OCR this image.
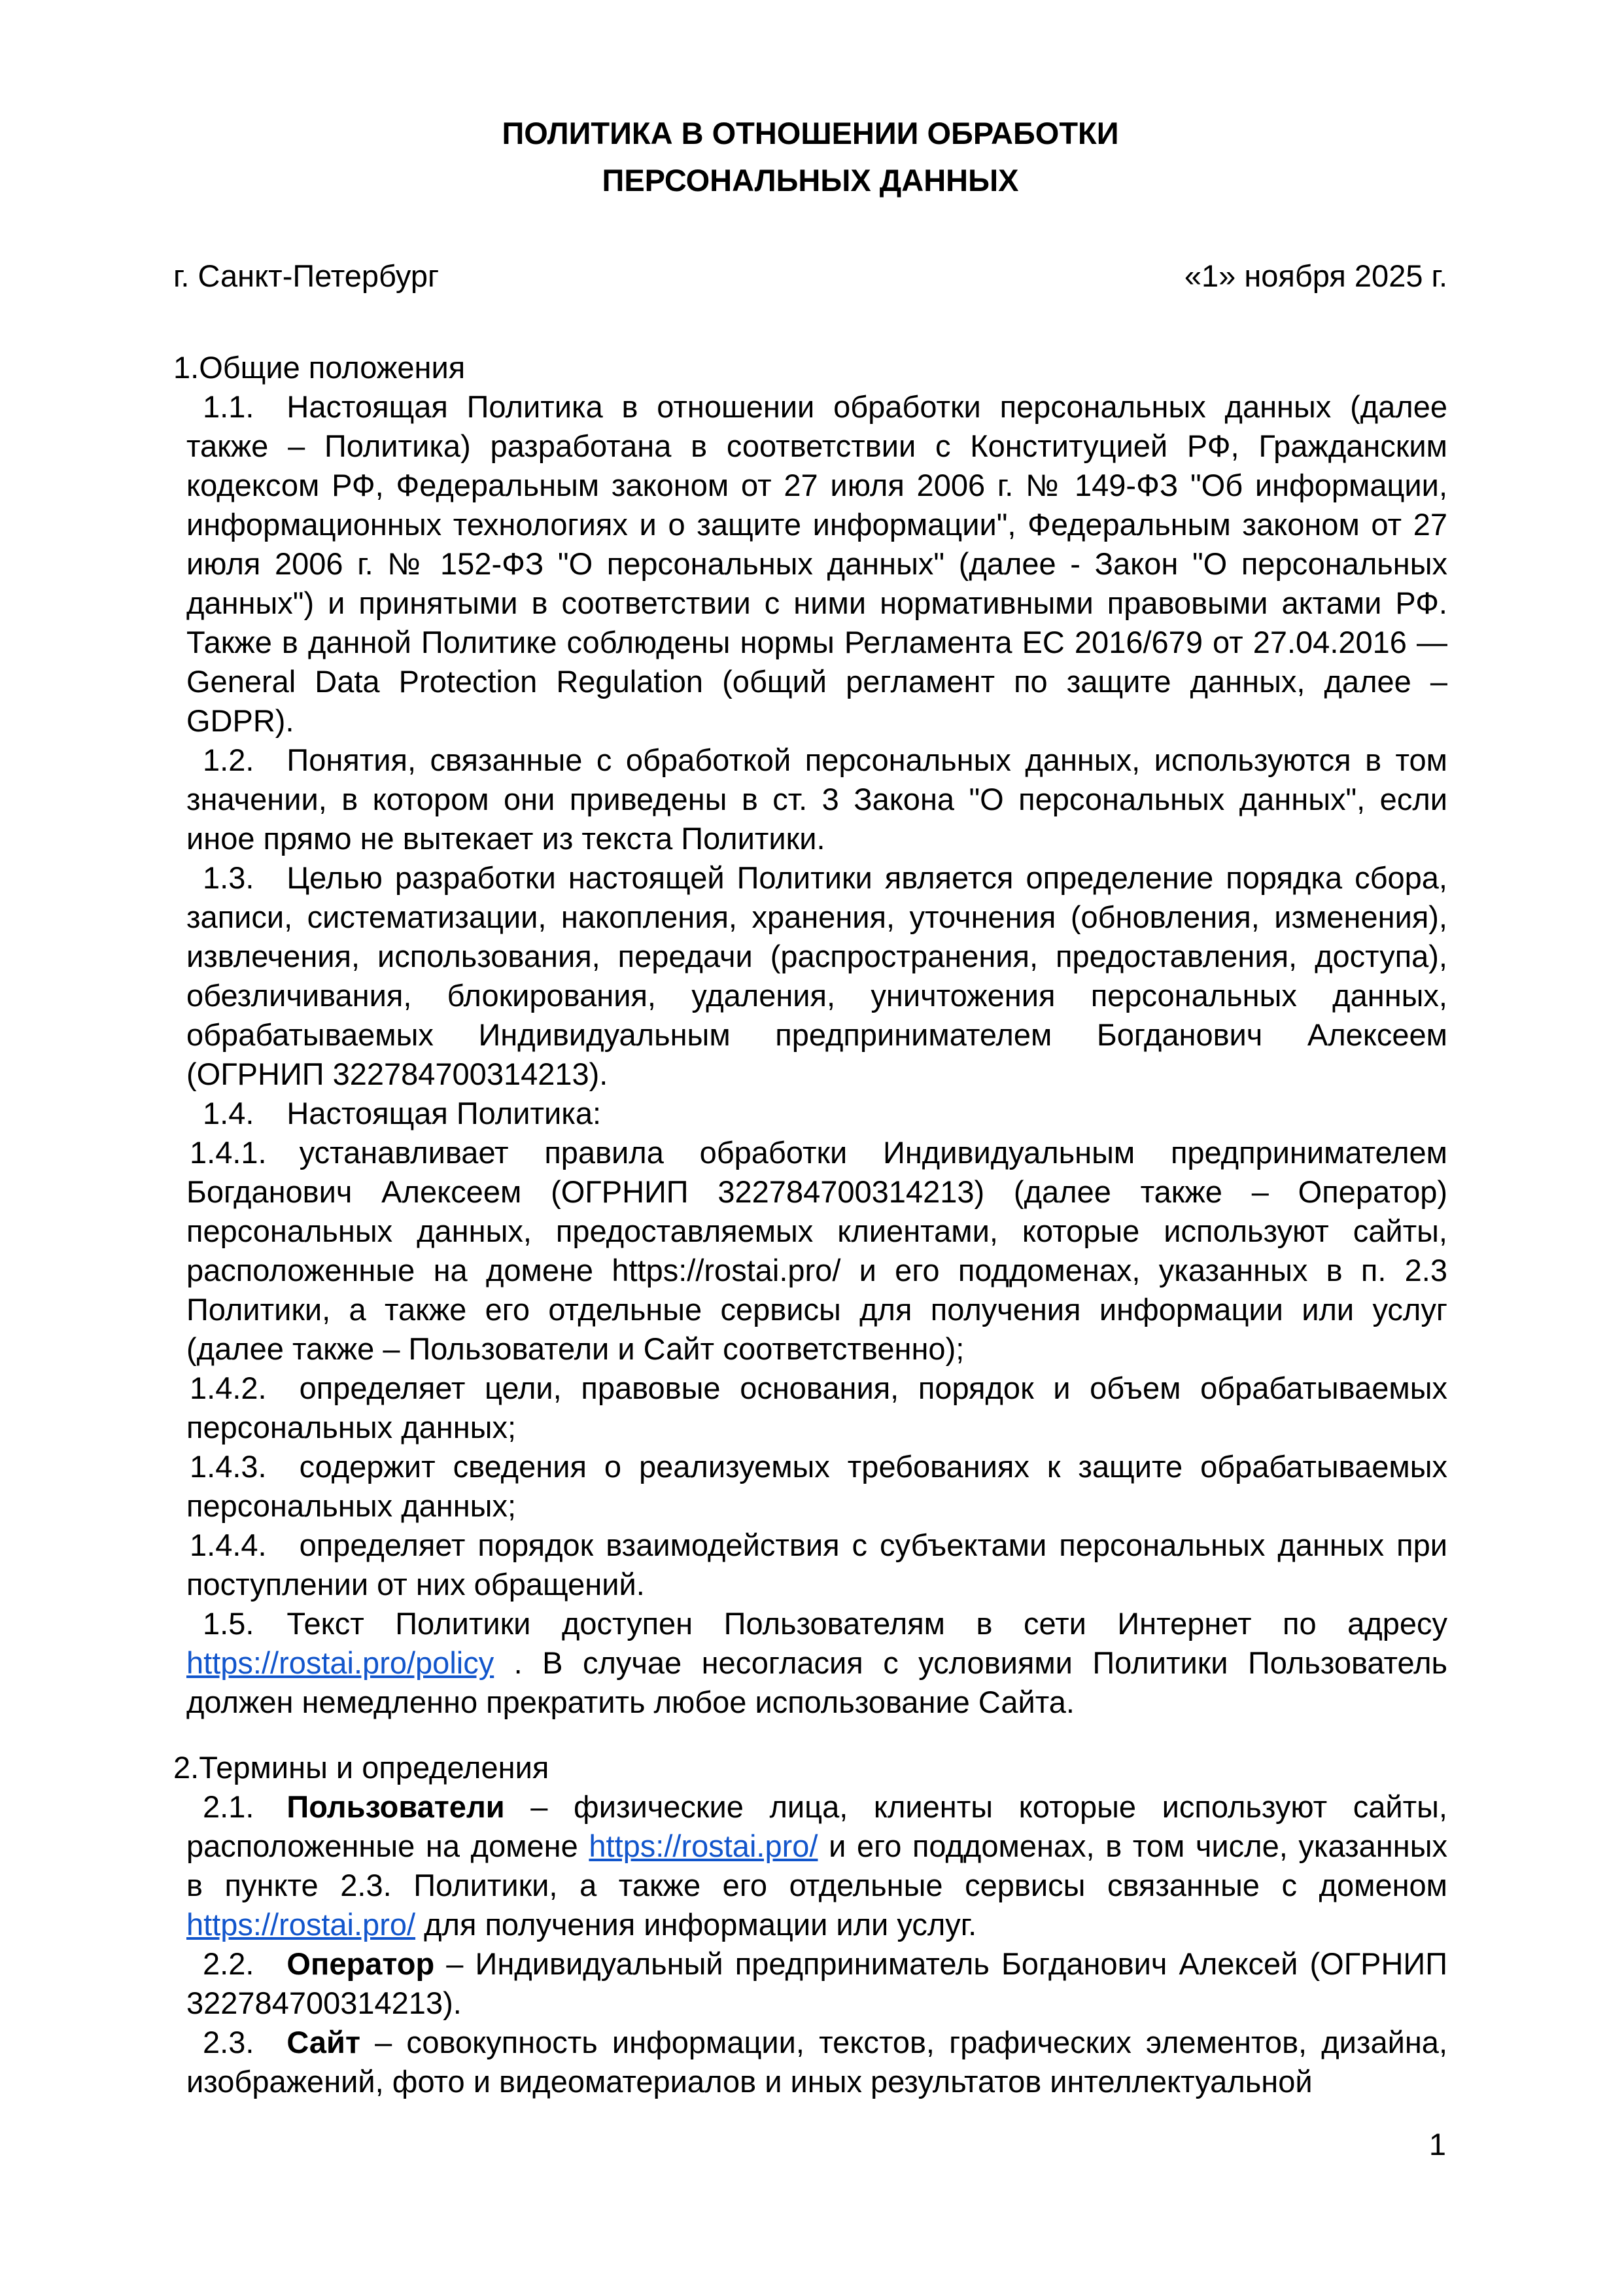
ПОЛИТИКА В ОТНОШЕНИИ ОБРАБОТКИ
ПЕРСОНАЛЬНЫХ ДАННЫХ
г. Санкт-Петербург	«1» ноября 2025 г.
1.Общие положения

1.1. Настоящая Политика в отношении обработки персональных данных (далее также – Политика) разработана в соответствии с Конституцией РФ, Гражданским кодексом РФ, Федеральным законом от 27 июля 2006 г. № 149-ФЗ "Об информации, информационных технологиях и о защите информации", Федеральным законом от 27 июля 2006 г. № 152-ФЗ "О персональных данных" (далее - Закон "О персональных данных") и принятыми в соответствии с ними нормативными правовыми актами РФ. Также в данной Политике соблюдены нормы Регламента ЕС 2016/679 от 27.04.2016 — General Data Protection Regulation (общий регламент по защите данных, далее – GDPR).

1.2. Понятия, связанные с обработкой персональных данных, используются в том значении, в котором они приведены в ст. 3 Закона "О персональных данных", если иное прямо не вытекает из текста Политики.

1.3. Целью разработки настоящей Политики является определение порядка сбора, записи, систематизации, накопления, хранения, уточнения (обновления, изменения), извлечения, использования, передачи (распространения, предоставления, доступа), обезличивания, блокирования, удаления, уничтожения персональных данных, обрабатываемых Индивидуальным предпринимателем Богданович Алексеем (ОГРНИП 322784700314213).

1.4. Настоящая Политика:

1.4.1. устанавливает правила обработки Индивидуальным предпринимателем Богданович Алексеем (ОГРНИП 322784700314213) (далее также – Оператор) персональных данных, предоставляемых клиентами, которые используют сайты, расположенные на домене https://rostai.pro/ и его поддоменах, указанных в п. 2.3 Политики, а также его отдельные сервисы для получения информации или услуг (далее также – Пользователи и Сайт соответственно);

1.4.2. определяет цели, правовые основания, порядок и объем обрабатываемых персональных данных;

1.4.3. содержит сведения о реализуемых требованиях к защите обрабатываемых персональных данных;

1.4.4. определяет порядок взаимодействия с субъектами персональных данных при поступлении от них обращений.

1.5. Текст Политики доступен Пользователям в сети Интернет по адресу https://rostai.pro/policy . В случае несогласия с условиями Политики Пользователь должен немедленно прекратить любое использование Сайта.

2.Термины и определения

2.1. Пользователи – физические лица, клиенты которые используют сайты, расположенные на домене https://rostai.pro/ и его поддоменах, в том числе, указанных в пункте 2.3. Политики, а также его отдельные сервисы связанные с доменом https://rostai.pro/ для получения информации или услуг.

2.2. Оператор – Индивидуальный предприниматель Богданович Алексей (ОГРНИП 322784700314213).

2.3. Сайт – совокупность информации, текстов, графических элементов, дизайна, изображений, фото и видеоматериалов и иных результатов интеллектуальной

1
